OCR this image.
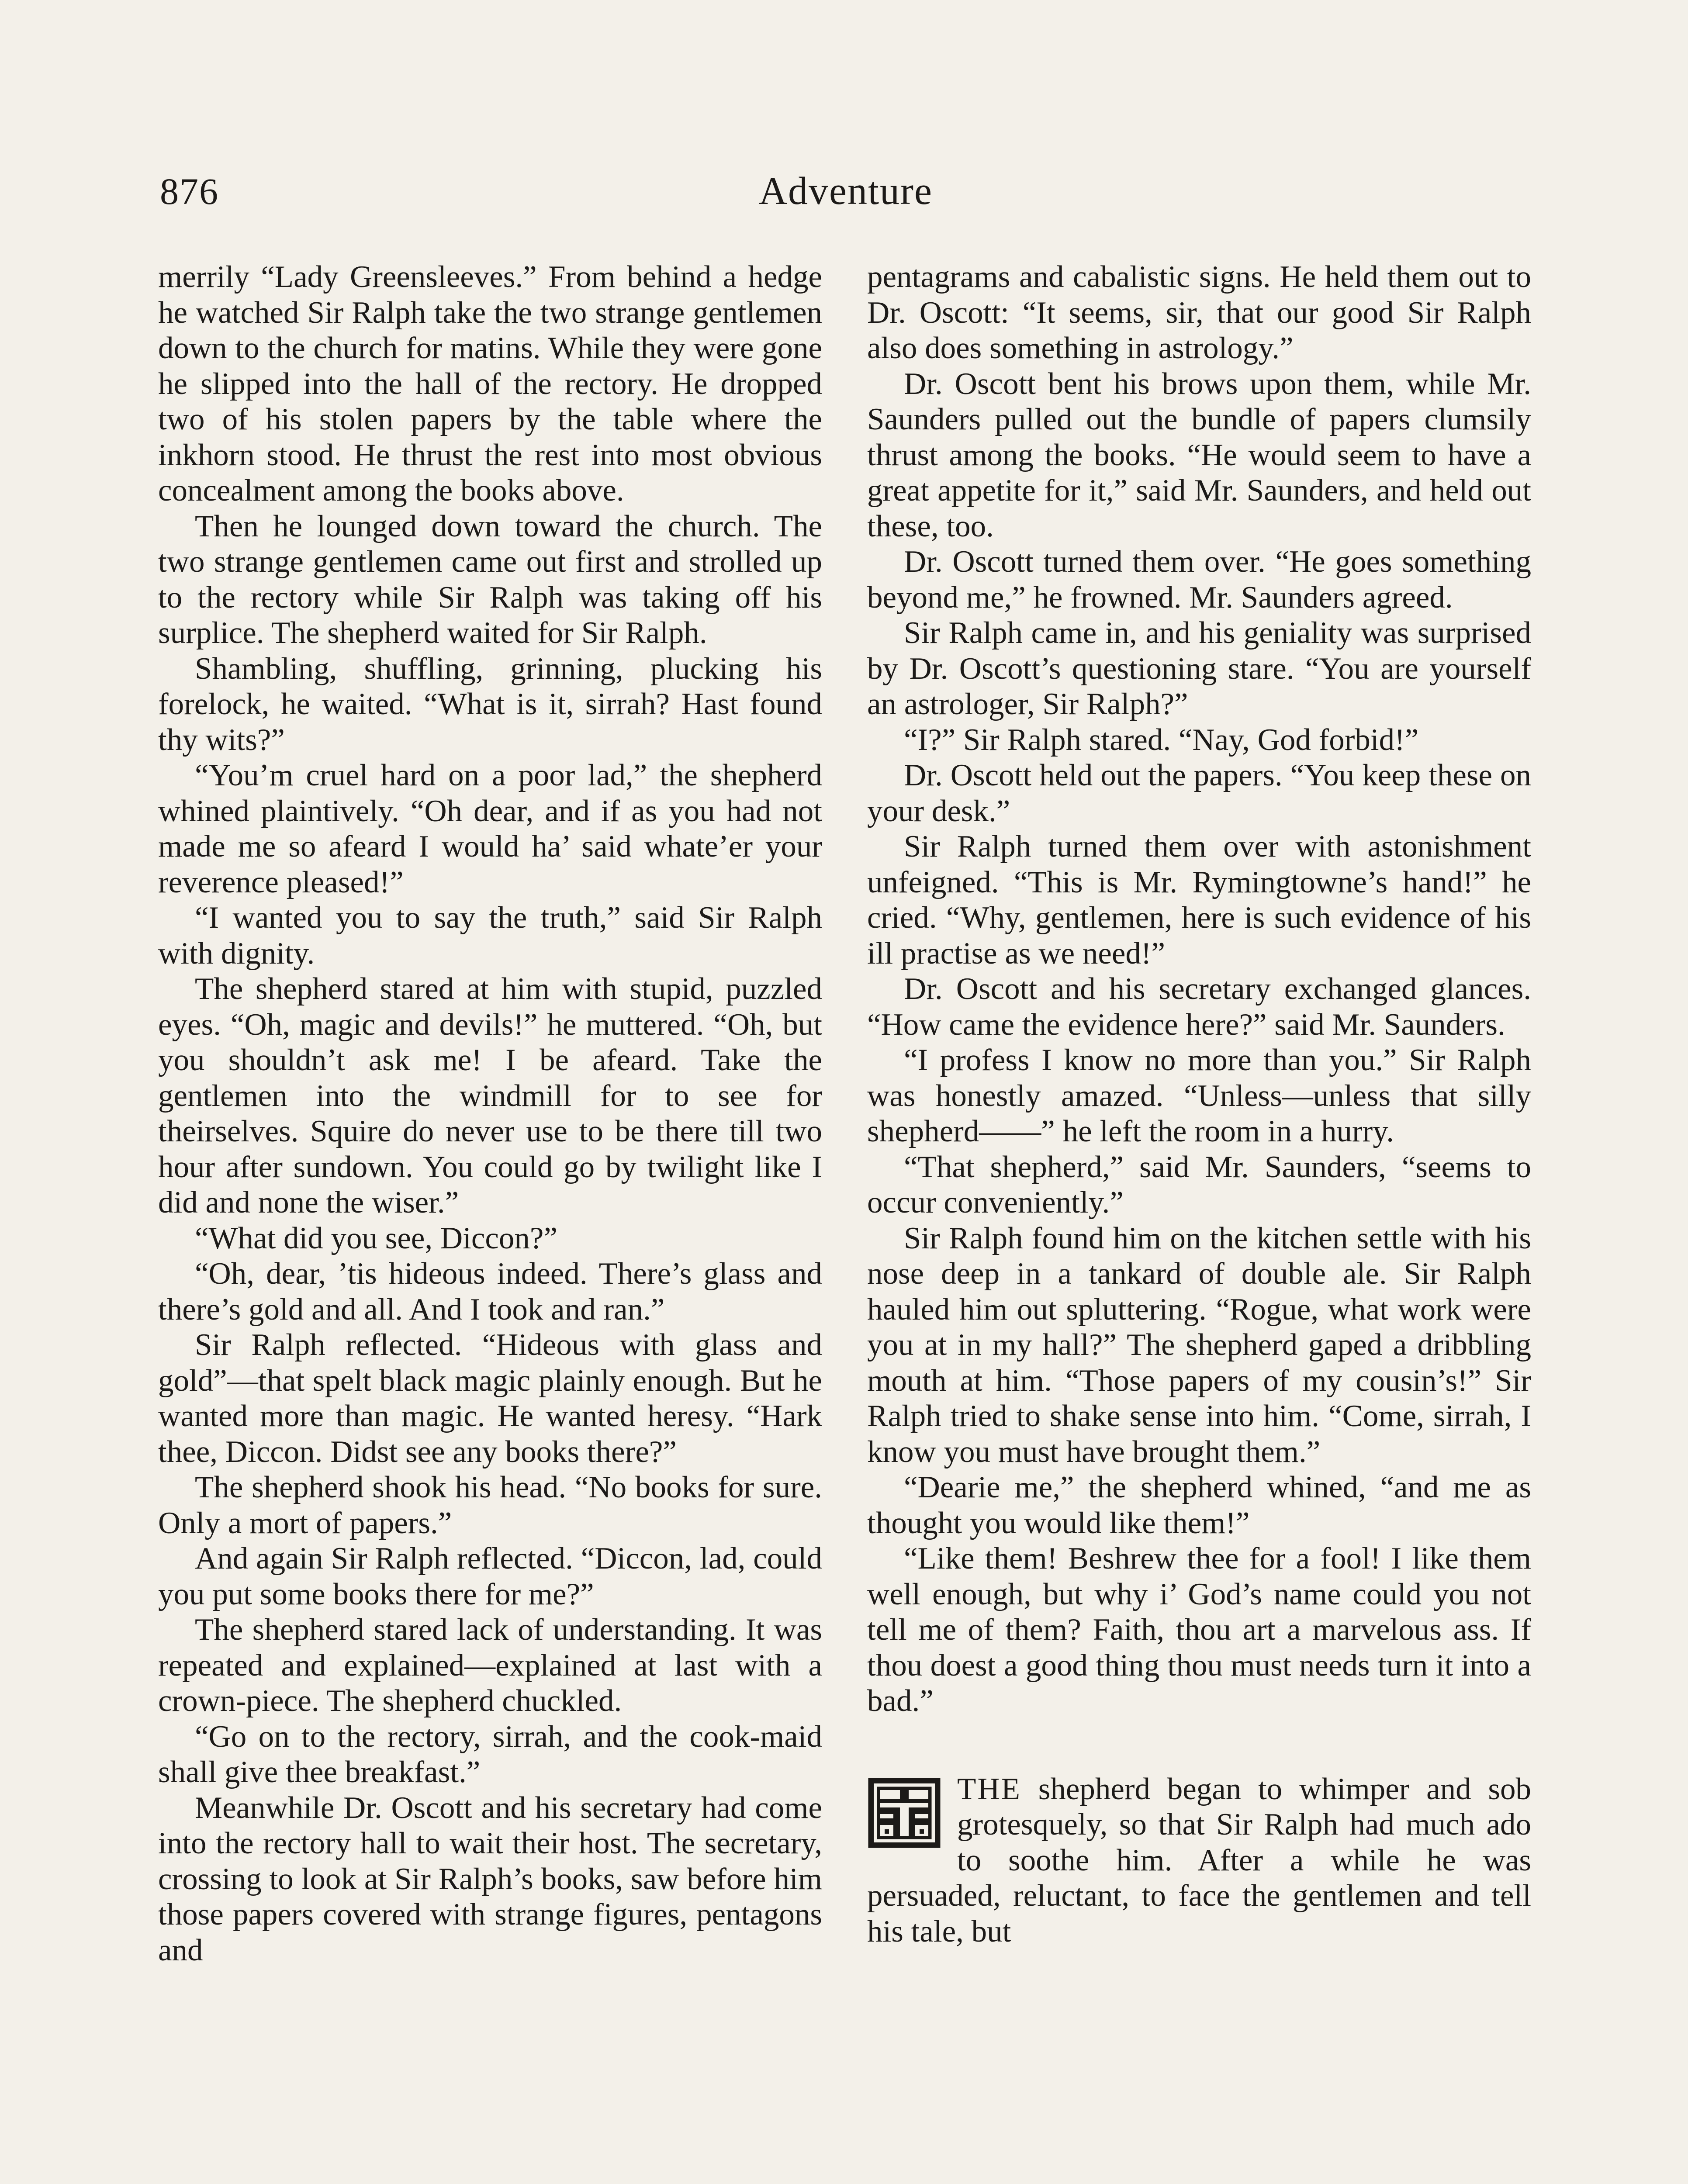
876	Adventure

merrily “Lady Greensleeves.” From behind a hedge he watched Sir Ralph take the two strange gentlemen down to the church for matins. While they were gone he slipped into the hall of the rectory. He dropped two of his stolen papers by the table where the inkhorn stood. He thrust the rest into most obvious concealment among the books above.

Then he lounged down toward the church. The two strange gentlemen came out first and strolled up to the rectory while Sir Ralph was taking off his surplice. The shepherd waited for Sir Ralph.

Shambling, shuffling, grinning, plucking his forelock, he waited. “What is it, sirrah? Hast found thy wits?”

“You’m cruel hard on a poor lad,” the shepherd whined plaintively. “Oh dear, and if as you had not made me so afeard I would ha’ said whate’er your reverence pleased!”

“I wanted you to say the truth,” said Sir Ralph with dignity.

The shepherd stared at him with stupid, puzzled eyes. “Oh, magic and devils!” he muttered. “Oh, but you shouldn’t ask me! I be afeard. Take the gentlemen into the windmill for to see for theirselves. Squire do never use to be there till two hour after sundown. You could go by twilight like I did and none the wiser.”

“What did you see, Diccon?”

“Oh, dear, ’tis hideous indeed. There’s glass and there’s gold and all. And I took and ran.”

Sir Ralph reflected. “Hideous with glass and gold”—that spelt black magic plainly enough. But he wanted more than magic. He wanted heresy. “Hark thee, Diccon. Didst see any books there?”

The shepherd shook his head. “No books for sure. Only a mort of papers.”

And again Sir Ralph reflected. “Diccon, lad, could you put some books there for me?”

The shepherd stared lack of understanding. It was repeated and explained—explained at last with a crown-piece. The shepherd chuckled.

“Go on to the rectory, sirrah, and the cook-maid shall give thee breakfast.”

Meanwhile Dr. Oscott and his secretary had come into the rectory hall to wait their host. The secretary, crossing to look at Sir Ralph’s books, saw before him those papers covered with strange figures, pentagons and

pentagrams and cabalistic signs. He held them out to Dr. Oscott: “It seems, sir, that our good Sir Ralph also does something in astrology.”

Dr. Oscott bent his brows upon them, while Mr. Saunders pulled out the bundle of papers clumsily thrust among the books. “He would seem to have a great appetite for it,” said Mr. Saunders, and held out these, too.

Dr. Oscott turned them over. “He goes something beyond me,” he frowned. Mr. Saunders agreed.

Sir Ralph came in, and his geniality was surprised by Dr. Oscott’s questioning stare. “You are yourself an astrologer, Sir Ralph?”

“I?” Sir Ralph stared. “Nay, God forbid!”

Dr. Oscott held out the papers. “You keep these on your desk.”

Sir Ralph turned them over with astonishment unfeigned. “This is Mr. Rymingtowne’s hand!” he cried. “Why, gentlemen, here is such evidence of his ill practise as we need!”

Dr. Oscott and his secretary exchanged glances. “How came the evidence here?” said Mr. Saunders.

“I profess I know no more than you.” Sir Ralph was honestly amazed. “Unless—unless that silly shepherd——” he left the room in a hurry.

“That shepherd,” said Mr. Saunders, “seems to occur conveniently.”

Sir Ralph found him on the kitchen settle with his nose deep in a tankard of double ale. Sir Ralph hauled him out spluttering. “Rogue, what work were you at in my hall?” The shepherd gaped a dribbling mouth at him. “Those papers of my cousin’s!” Sir Ralph tried to shake sense into him. “Come, sirrah, I know you must have brought them.”

“Dearie me,” the shepherd whined, “and me as thought you would like them!”

“Like them! Beshrew thee for a fool! I like them well enough, but why i’ God’s name could you not tell me of them? Faith, thou art a marvelous ass. If thou doest a good thing thou must needs turn it into a bad.”

THE shepherd began to whimper and sob grotesquely, so that Sir Ralph had much ado to soothe him. After a while he was persuaded, reluctant, to face the gentlemen and tell his tale, but
